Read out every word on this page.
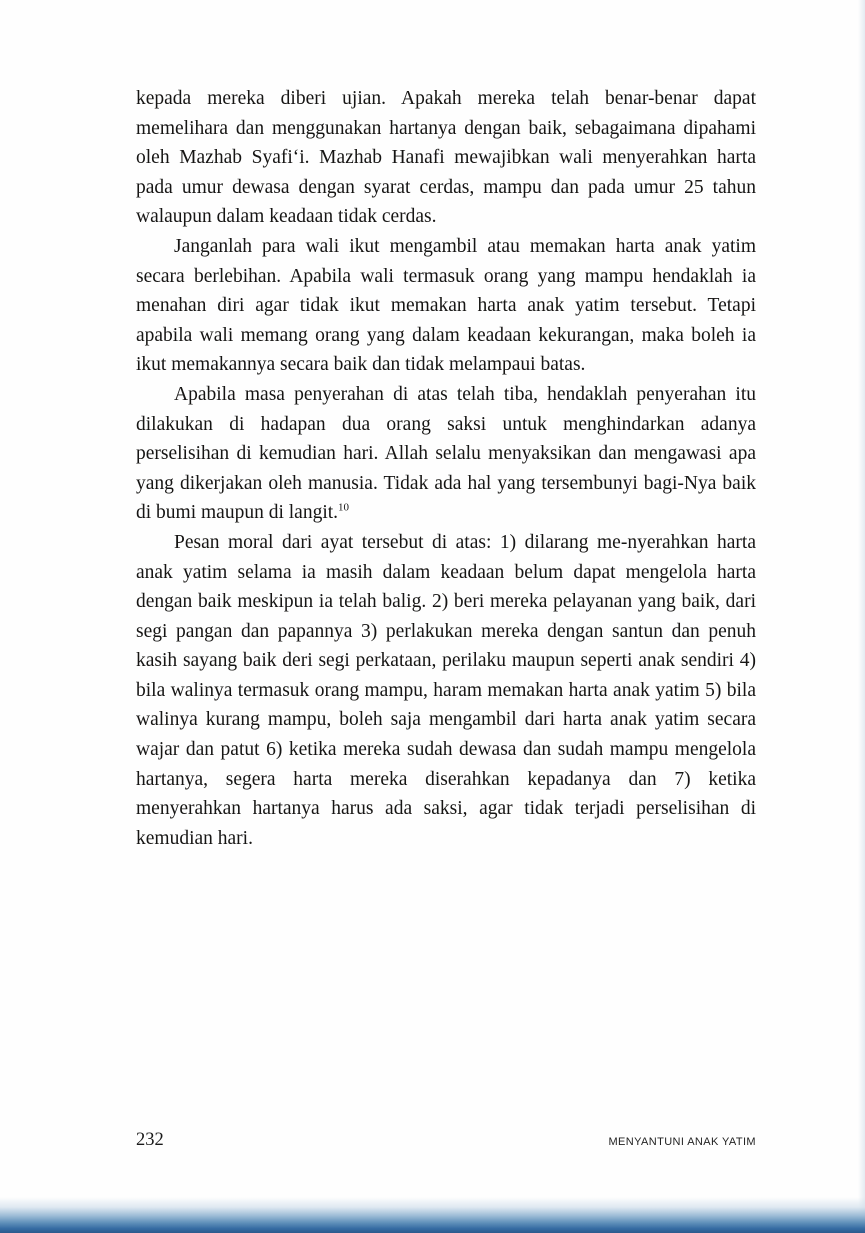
kepada mereka diberi ujian. Apakah mereka telah benar-benar dapat memelihara dan menggunakan hartanya dengan baik, sebagaimana dipahami oleh Mazhab Syafi‘i. Mazhab Hanafi mewajibkan wali menyerahkan harta pada umur dewasa dengan syarat cerdas, mampu dan pada umur 25 tahun walaupun dalam keadaan tidak cerdas.

Janganlah para wali ikut mengambil atau memakan harta anak yatim secara berlebihan. Apabila wali termasuk orang yang mampu hendaklah ia menahan diri agar tidak ikut memakan harta anak yatim tersebut. Tetapi apabila wali memang orang yang dalam keadaan kekurangan, maka boleh ia ikut memakannya secara baik dan tidak melampaui batas.

Apabila masa penyerahan di atas telah tiba, hendaklah penyerahan itu dilakukan di hadapan dua orang saksi untuk menghindarkan adanya perselisihan di kemudian hari. Allah selalu menyaksikan dan mengawasi apa yang dikerjakan oleh manusia. Tidak ada hal yang tersembunyi bagi-Nya baik di bumi maupun di langit.$^{10}$

Pesan moral dari ayat tersebut di atas: 1) dilarang me-nyerahkan harta anak yatim selama ia masih dalam keadaan belum dapat mengelola harta dengan baik meskipun ia telah balig. 2) beri mereka pelayanan yang baik, dari segi pangan dan papannya 3) perlakukan mereka dengan santun dan penuh kasih sayang baik deri segi perkataan, perilaku maupun seperti anak sendiri 4) bila walinya termasuk orang mampu, haram memakan harta anak yatim 5) bila walinya kurang mampu, boleh saja mengambil dari harta anak yatim secara wajar dan patut 6) ketika mereka sudah dewasa dan sudah mampu mengelola hartanya, segera harta mereka diserahkan kepadanya dan 7) ketika menyerahkan hartanya harus ada saksi, agar tidak terjadi perselisihan di kemudian hari.

232	MENYANTUNI ANAK YATIM
